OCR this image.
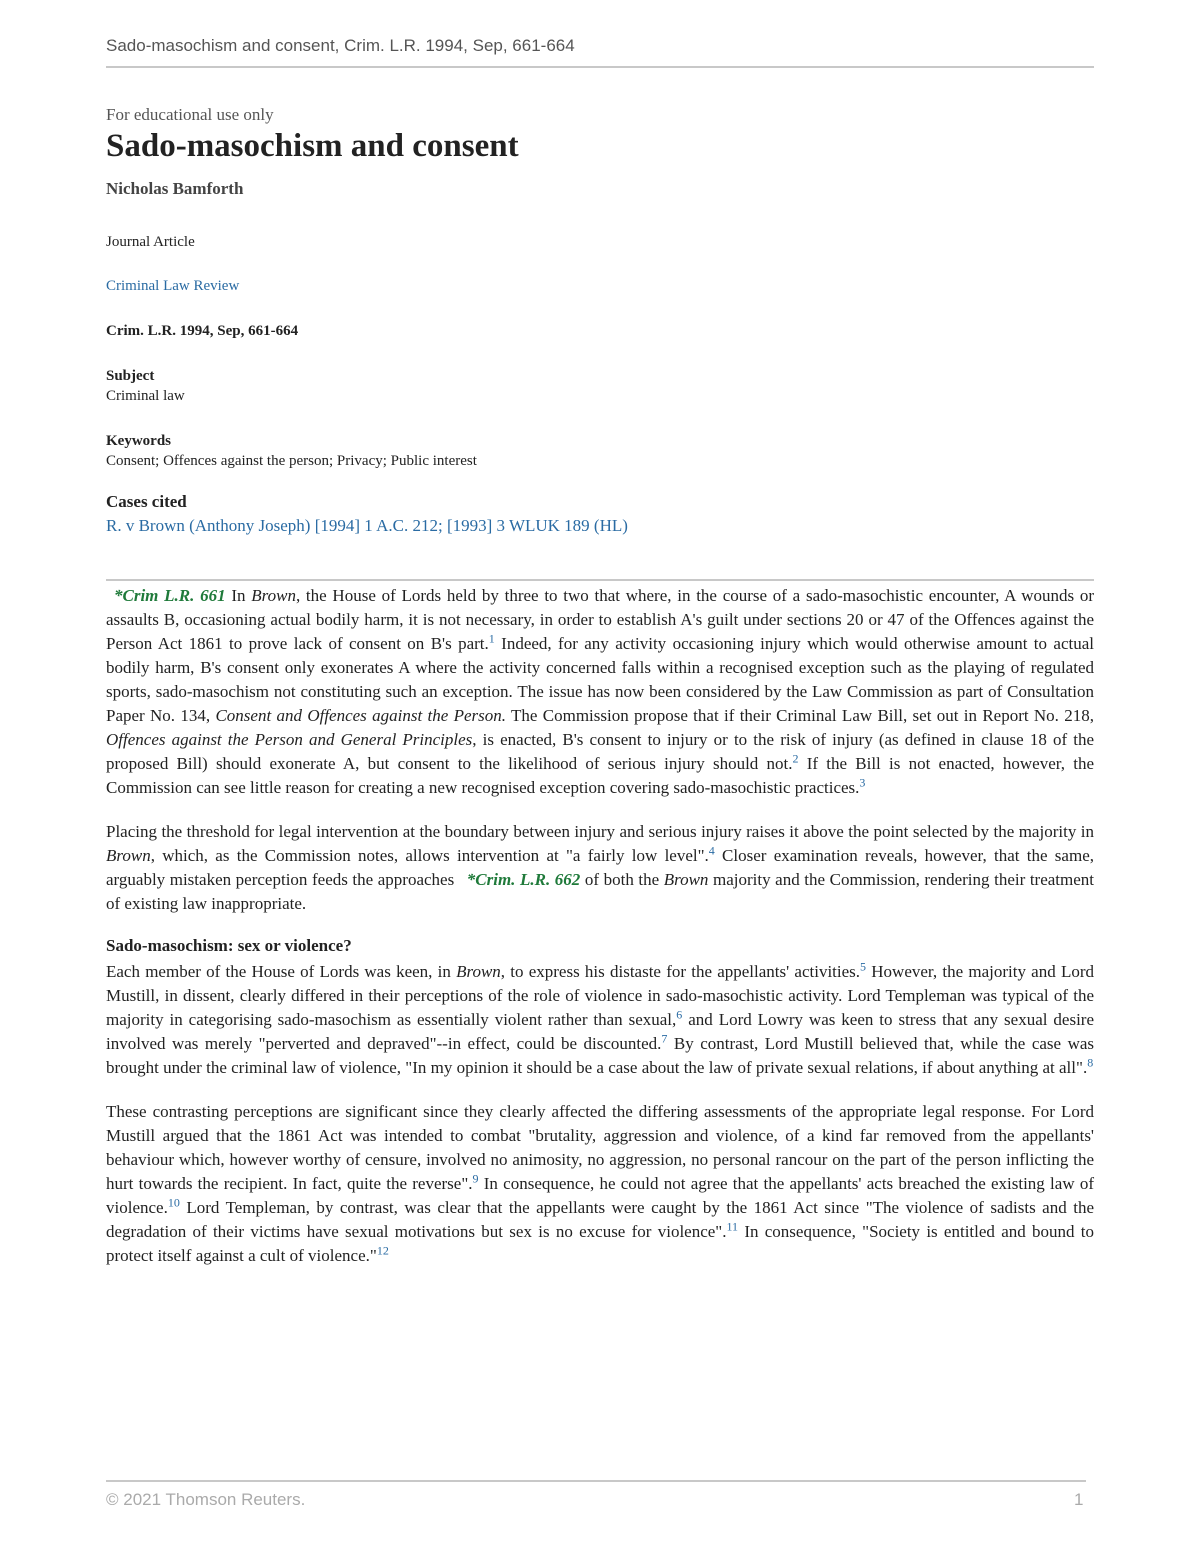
Sado-masochism and consent, Crim. L.R. 1994, Sep, 661-664

For educational use only

Sado-masochism and consent

Nicholas Bamforth

Journal Article

Criminal Law Review

Crim. L.R. 1994, Sep, 661-664

Subject

Criminal law

Keywords

Consent; Offences against the person; Privacy; Public interest

Cases cited

R. v Brown (Anthony Joseph) [1994] 1 A.C. 212; [1993] 3 WLUK 189 (HL)

*Crim L.R. 661 In Brown, the House of Lords held by three to two that where, in the course of a sado-masochistic encounter, A wounds or assaults B, occasioning actual bodily harm, it is not necessary, in order to establish A's guilt under sections 20 or 47 of the Offences against the Person Act 1861 to prove lack of consent on B's part.$^1$ Indeed, for any activity occasioning injury which would otherwise amount to actual bodily harm, B's consent only exonerates A where the activity concerned falls within a recognised exception such as the playing of regulated sports, sado-masochism not constituting such an exception. The issue has now been considered by the Law Commission as part of Consultation Paper No. 134, Consent and Offences against the Person. The Commission propose that if their Criminal Law Bill, set out in Report No. 218, Offences against the Person and General Principles, is enacted, B's consent to injury or to the risk of injury (as defined in clause 18 of the proposed Bill) should exonerate A, but consent to the likelihood of serious injury should not.$^2$ If the Bill is not enacted, however, the Commission can see little reason for creating a new recognised exception covering sado-masochistic practices.$^3$

Placing the threshold for legal intervention at the boundary between injury and serious injury raises it above the point selected by the majority in Brown, which, as the Commission notes, allows intervention at "a fairly low level".$^4$ Closer examination reveals, however, that the same, arguably mistaken perception feeds the approaches *Crim. L.R. 662 of both the Brown majority and the Commission, rendering their treatment of existing law inappropriate.

Sado-masochism: sex or violence?

Each member of the House of Lords was keen, in Brown, to express his distaste for the appellants' activities.$^5$ However, the majority and Lord Mustill, in dissent, clearly differed in their perceptions of the role of violence in sado-masochistic activity. Lord Templeman was typical of the majority in categorising sado-masochism as essentially violent rather than sexual,$^6$ and Lord Lowry was keen to stress that any sexual desire involved was merely "perverted and depraved"--in effect, could be discounted.$^7$ By contrast, Lord Mustill believed that, while the case was brought under the criminal law of violence, "In my opinion it should be a case about the law of private sexual relations, if about anything at all".$^8$

These contrasting perceptions are significant since they clearly affected the differing assessments of the appropriate legal response. For Lord Mustill argued that the 1861 Act was intended to combat "brutality, aggression and violence, of a kind far removed from the appellants' behaviour which, however worthy of censure, involved no animosity, no aggression, no personal rancour on the part of the person inflicting the hurt towards the recipient. In fact, quite the reverse".$^9$ In consequence, he could not agree that the appellants' acts breached the existing law of violence.$^{10}$ Lord Templeman, by contrast, was clear that the appellants were caught by the 1861 Act since "The violence of sadists and the degradation of their victims have sexual motivations but sex is no excuse for violence".$^{11}$ In consequence, "Society is entitled and bound to protect itself against a cult of violence."$^{12}$

© 2021 Thomson Reuters.	1
